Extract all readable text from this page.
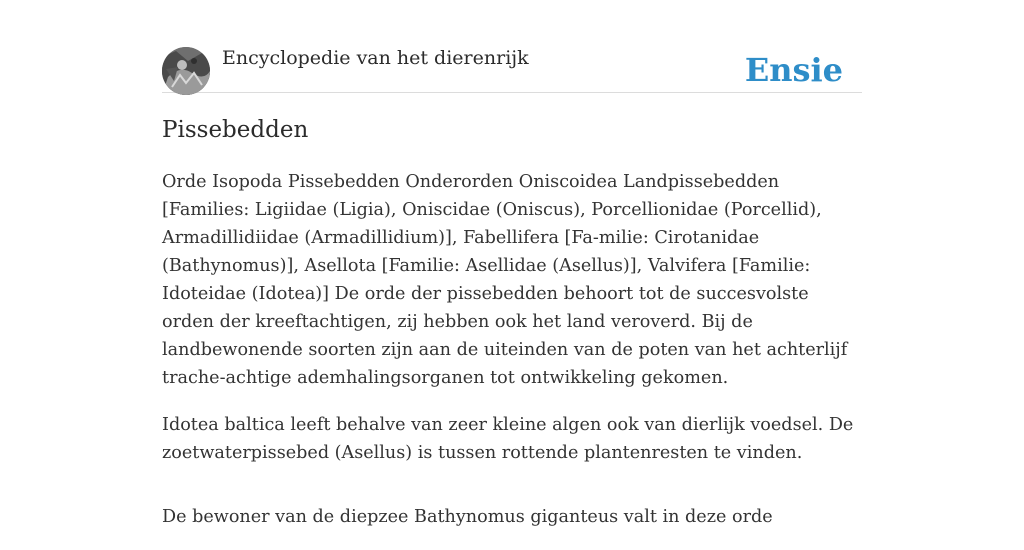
Encyclopedie van het dierenrijk	Ensie
Pissebedden

Orde Isopoda Pissebedden Onderorden Oniscoidea Landpissebedden [Families: Ligiidae (Ligia), Oniscidae (Oniscus), Porcellionidae (Porcellid), Armadillidiidae (Armadillidium)], Fabellifera [Fa-milie: Cirotanidae (Bathynomus)], Asellota [Familie: Asellidae (Asellus)], Valvifera [Familie: Idoteidae (Idotea)] De orde der pissebedden behoort tot de succesvolste orden der kreeftachtigen, zij hebben ook het land veroverd. Bij de landbewonende soorten zijn aan de uiteinden van de poten van het achterlijf trache-achtige ademhalingsorganen tot ontwikkeling gekomen.

Idotea baltica leeft behalve van zeer kleine algen ook van dierlijk voedsel. De zoetwaterpissebed (Asellus) is tussen rottende plantenresten te vinden.

De bewoner van de diepzee Bathynomus giganteus valt in deze orde
